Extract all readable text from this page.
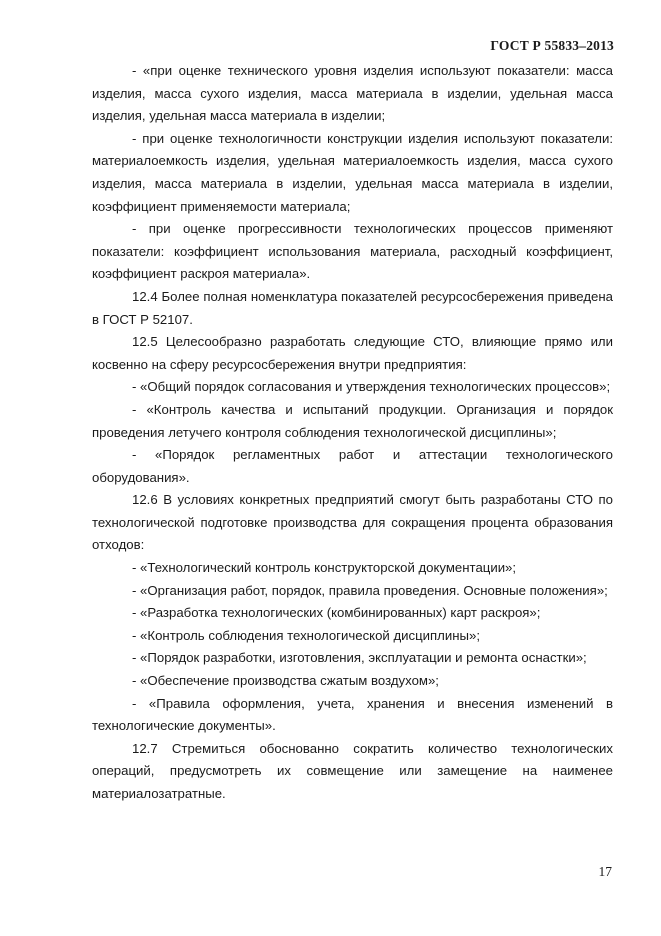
ГОСТ Р 55833–2013

- «при оценке технического уровня изделия используют показатели: масса изделия, масса сухого изделия, масса материала в изделии, удельная масса изделия, удельная масса материала в изделии;

- при оценке технологичности конструкции изделия используют показатели: материалоемкость изделия, удельная материалоемкость изделия, масса сухого изделия, масса материала в изделии, удельная масса материала в изделии, коэффициент применяемости материала;

- при оценке прогрессивности технологических процессов применяют показатели: коэффициент использования материала, расходный коэффициент, коэффициент раскроя материала».

12.4 Более полная номенклатура показателей ресурсосбережения приведена в ГОСТ Р 52107.

12.5 Целесообразно разработать следующие СТО, влияющие прямо или косвенно на сферу ресурсосбережения внутри предприятия:

- «Общий порядок согласования и утверждения технологических процессов»;

- «Контроль качества и испытаний продукции. Организация и порядок проведения летучего контроля соблюдения технологической дисциплины»;

- «Порядок регламентных работ и аттестации технологического оборудования».

12.6 В условиях конкретных предприятий смогут быть разработаны СТО по технологической подготовке производства для сокращения процента образования отходов:

- «Технологический контроль конструкторской документации»;

- «Организация работ, порядок, правила проведения. Основные положения»;

- «Разработка технологических (комбинированных) карт раскроя»;

- «Контроль соблюдения технологической дисциплины»;

- «Порядок разработки, изготовления, эксплуатации и ремонта оснастки»;

- «Обеспечение производства сжатым воздухом»;

- «Правила оформления, учета, хранения и внесения изменений в технологические документы».

12.7 Стремиться обоснованно сократить количество технологических операций, предусмотреть их совмещение или замещение на наименее материалозатратные.

17
